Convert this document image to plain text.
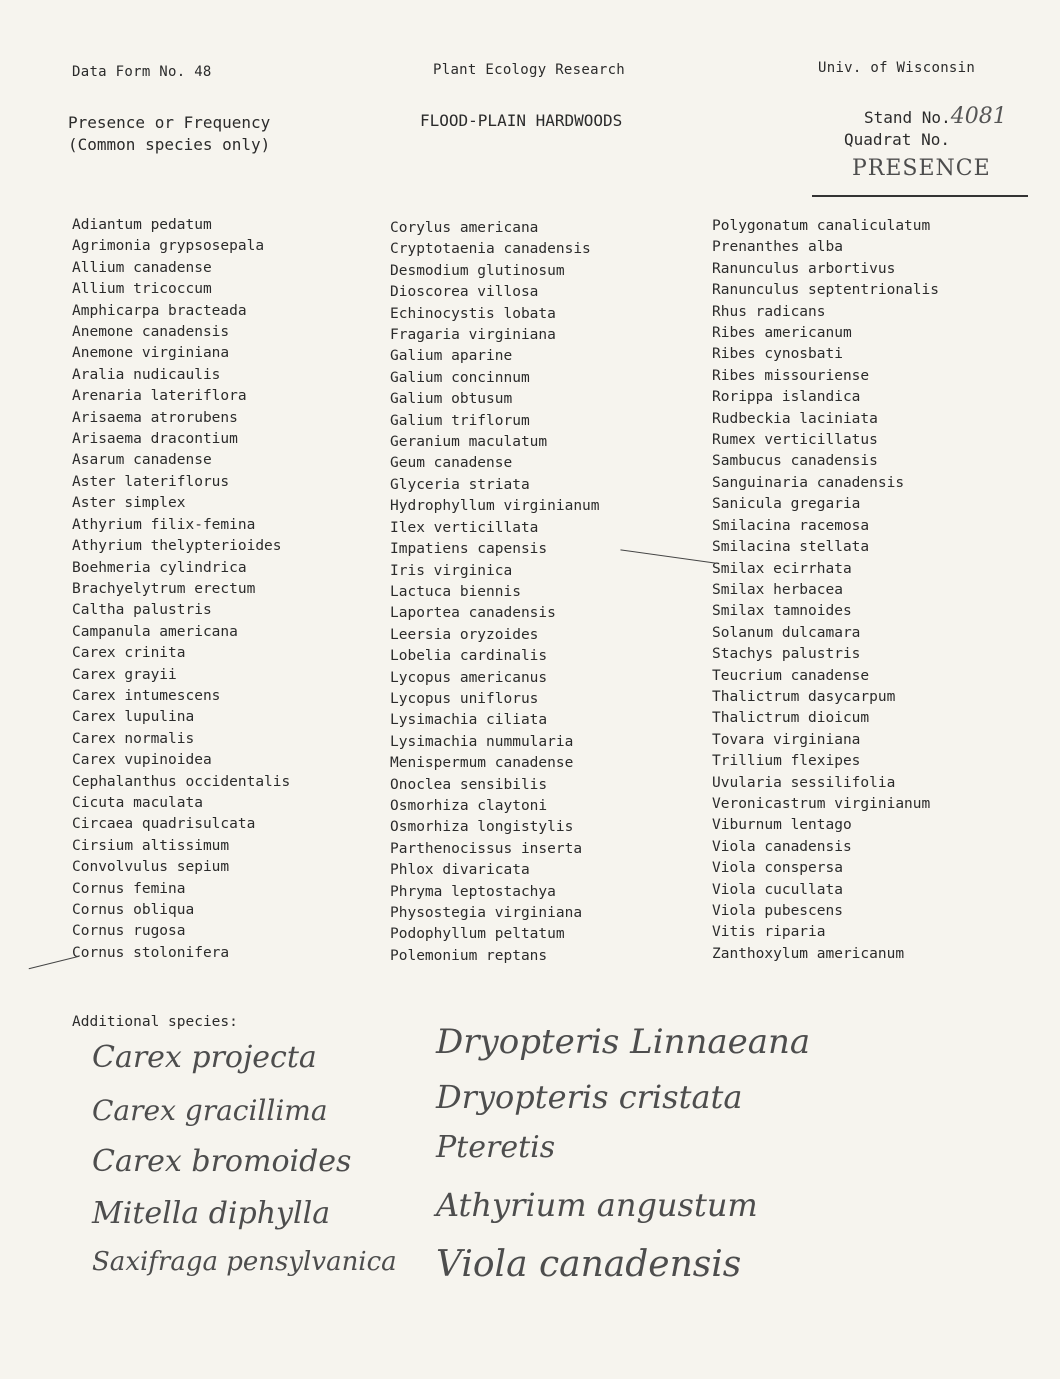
Data Form No. 48	Plant Ecology Research	Univ. of Wisconsin
Presence or Frequency
(Common species only)
FLOOD-PLAIN HARDWOODS	Stand No.4081
Quadrat No.
PRESENCE
Adiantum pedatum
Agrimonia grypsosepala
Allium canadense
Allium tricoccum
Amphicarpa bracteada
Anemone canadensis
Anemone virginiana
Aralia nudicaulis
Arenaria lateriflora
Arisaema atrorubens
Arisaema dracontium
Asarum canadense
Aster lateriflorus
Aster simplex
Athyrium filix-femina
Athyrium thelypterioides
Boehmeria cylindrica
Brachyelytrum erectum
Caltha palustris
Campanula americana
Carex crinita
Carex grayii
Carex intumescens
Carex lupulina
Carex normalis
Carex vupinoidea
Cephalanthus occidentalis
Cicuta maculata
Circaea quadrisulcata
Cirsium altissimum
Convolvulus sepium
Cornus femina
Cornus obliqua
Cornus rugosa
Cornus stolonifera
Corylus americana
Cryptotaenia canadensis
Desmodium glutinosum
Dioscorea villosa
Echinocystis lobata
Fragaria virginiana
Galium aparine
Galium concinnum
Galium obtusum
Galium triflorum
Geranium maculatum
Geum canadense
Glyceria striata
Hydrophyllum virginianum
Ilex verticillata
Impatiens capensis
Iris virginica
Lactuca biennis
Laportea canadensis
Leersia oryzoides
Lobelia cardinalis
Lycopus americanus
Lycopus uniflorus
Lysimachia ciliata
Lysimachia nummularia
Menispermum canadense
Onoclea sensibilis
Osmorhiza claytoni
Osmorhiza longistylis
Parthenocissus inserta
Phlox divaricata
Phryma leptostachya
Physostegia virginiana
Podophyllum peltatum
Polemonium reptans
Polygonatum canaliculatum
Prenanthes alba
Ranunculus arbortivus
Ranunculus septentrionalis
Rhus radicans
Ribes americanum
Ribes cynosbati
Ribes missouriense
Rorippa islandica
Rudbeckia laciniata
Rumex verticillatus
Sambucus canadensis
Sanguinaria canadensis
Sanicula gregaria
Smilacina racemosa
Smilacina stellata
Smilax ecirrhata
Smilax herbacea
Smilax tamnoides
Solanum dulcamara
Stachys palustris
Teucrium canadense
Thalictrum dasycarpum
Thalictrum dioicum
Tovara virginiana
Trillium flexipes
Uvularia sessilifolia
Veronicastrum virginianum
Viburnum lentago
Viola canadensis
Viola conspersa
Viola cucullata
Viola pubescens
Vitis riparia
Zanthoxylum americanum
Additional species:
Carex projecta
Carex gracillima
Carex bromoides
Mitella diphylla
Saxifraga pensylvanica
Dryopteris Linnaeana
Dryopteris cristata
Pteretis
Athyrium angustum
Viola canadensis
